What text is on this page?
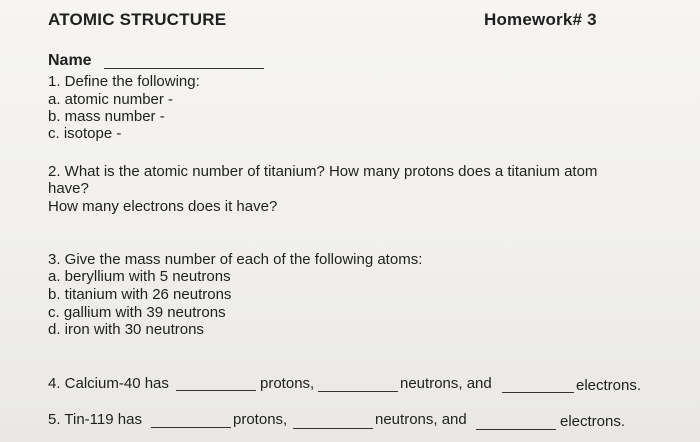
ATOMIC STRUCTURE	Homework# 3
Name
1. Define the following:
a. atomic number -
b. mass number -
c. isotope -
2. What is the atomic number of titanium? How many protons does a titanium atom
have?
How many electrons does it have?
3. Give the mass number of each of the following atoms:
a. beryllium with 5 neutrons
b. titanium with 26 neutrons
c. gallium with 39 neutrons
d. iron with 30 neutrons
4. Calcium-40 has	protons,	neutrons, and	electrons.
5. Tin-119 has	protons,	neutrons, and	electrons.
